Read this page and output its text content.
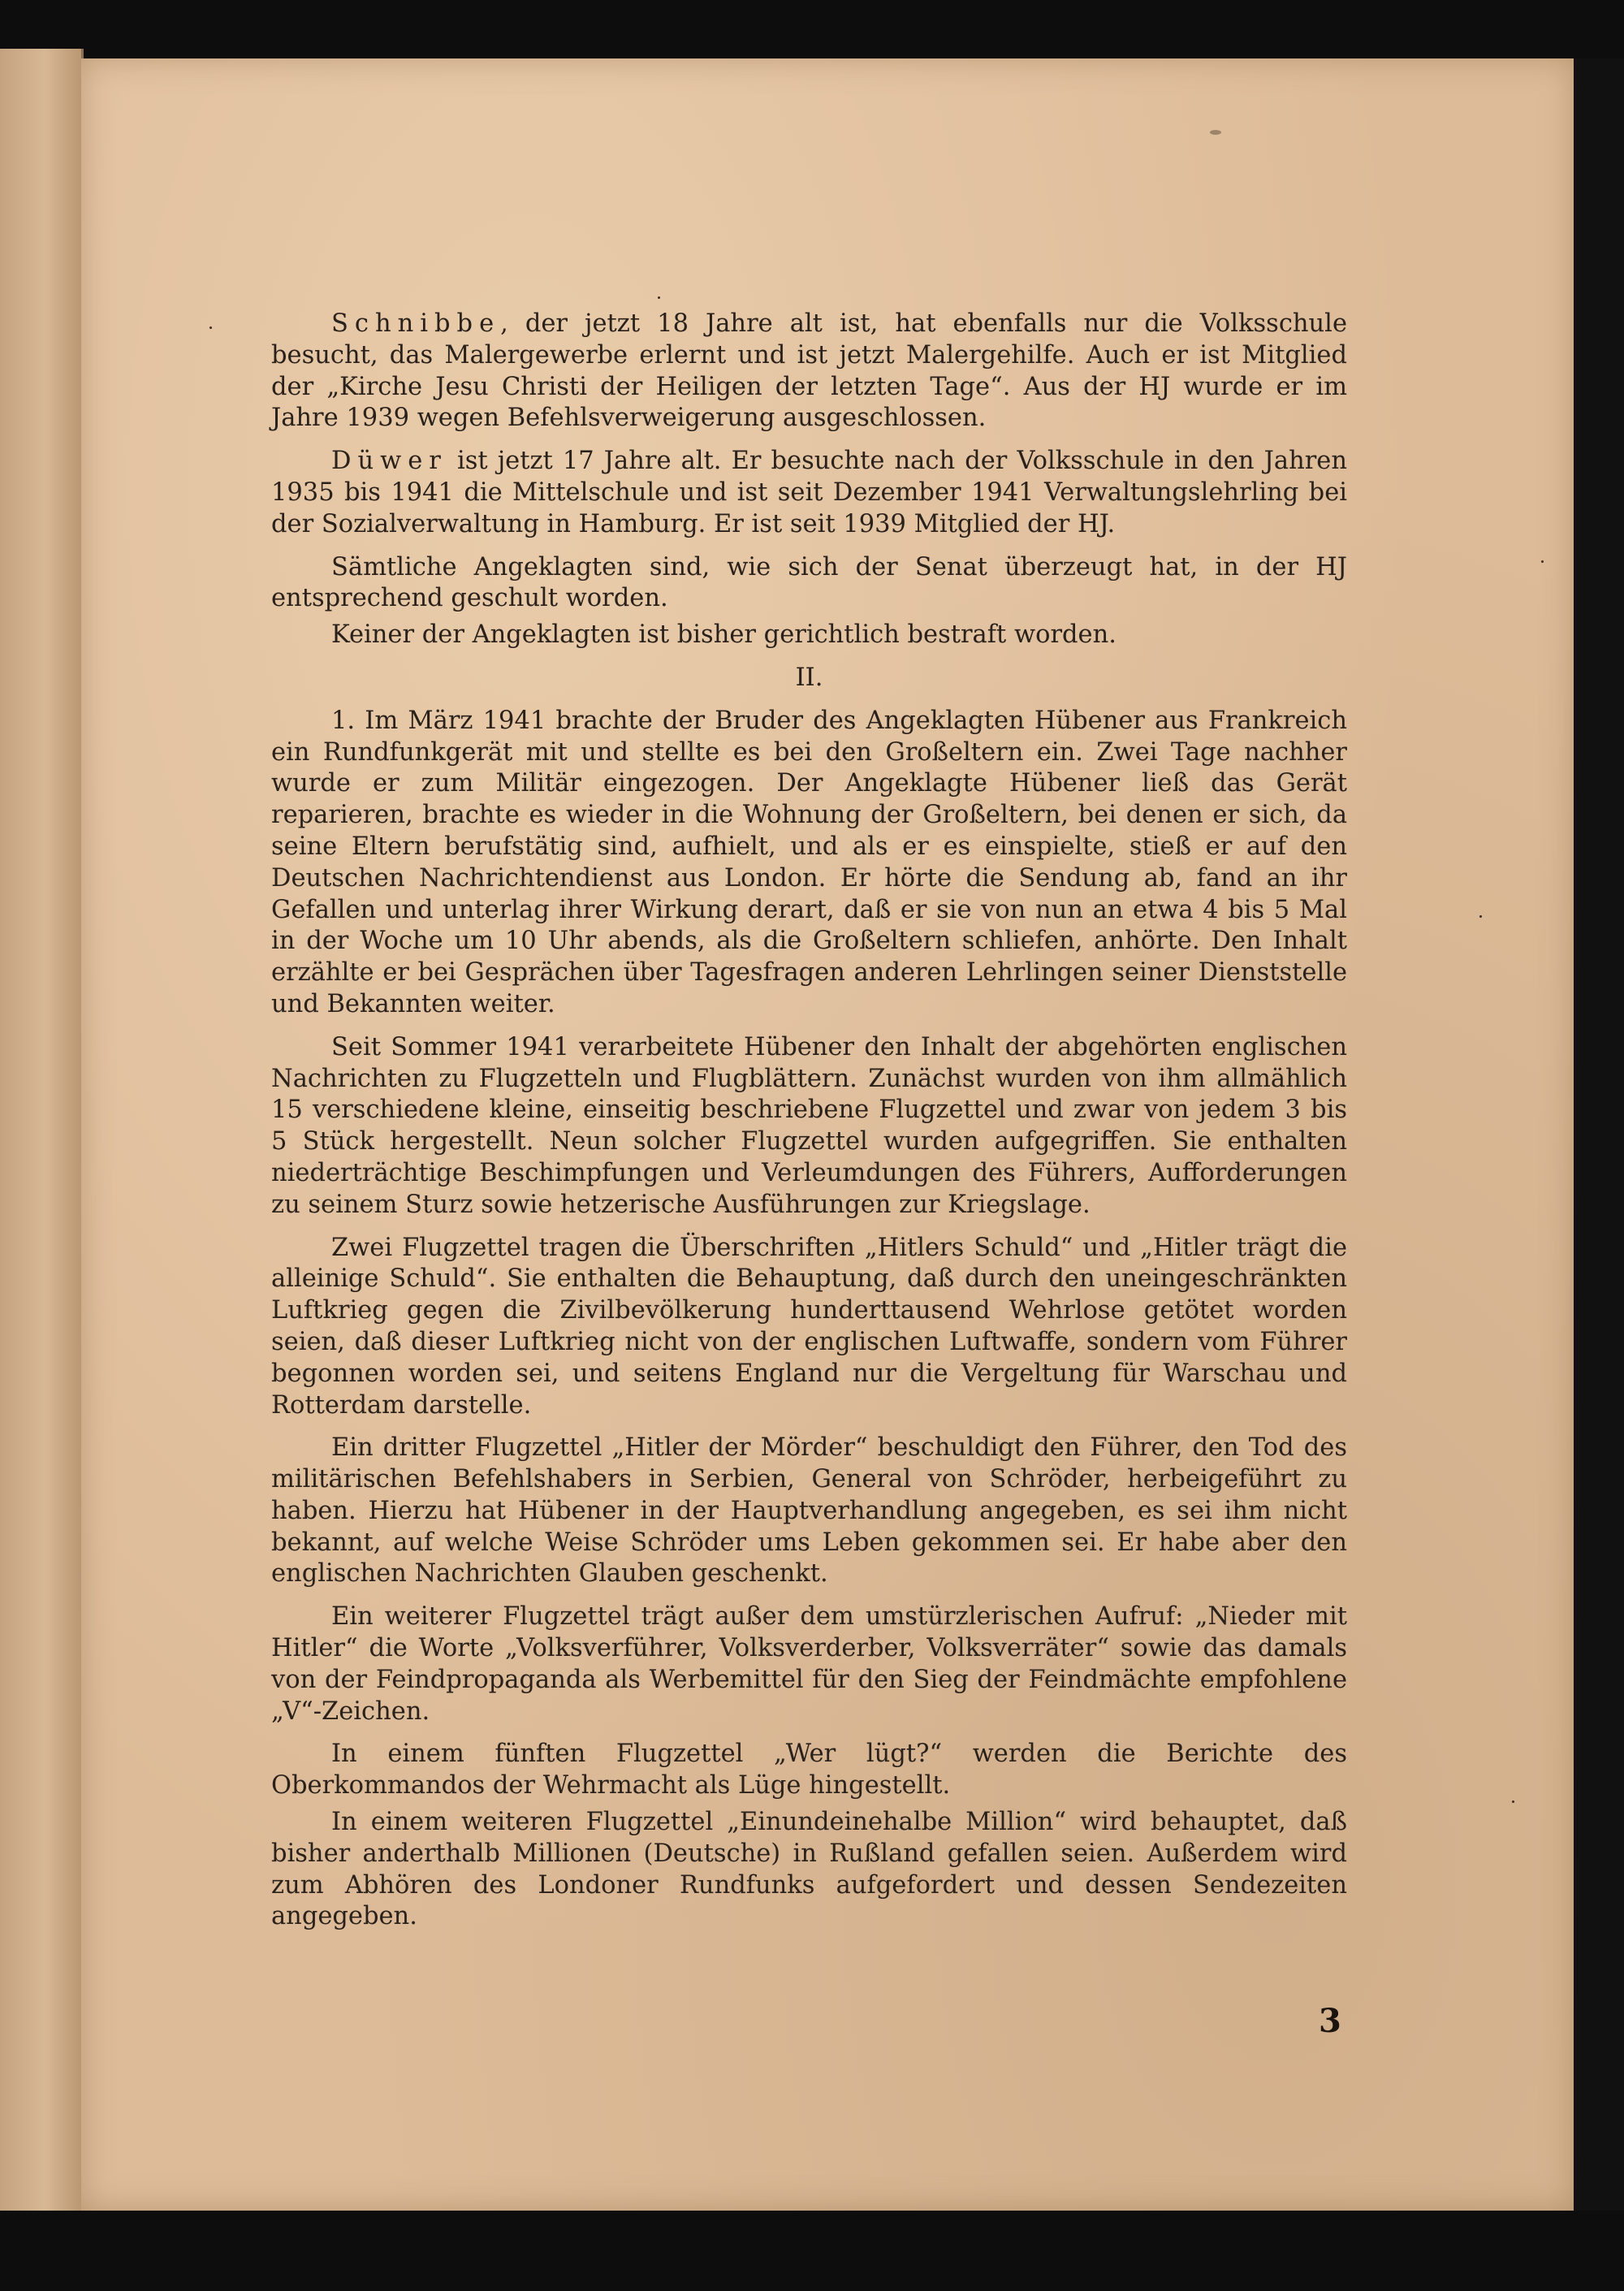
Schnibbe, der jetzt 18 Jahre alt ist, hat ebenfalls nur die Volksschule besucht, das Malergewerbe erlernt und ist jetzt Malergehilfe. Auch er ist Mitglied der „Kirche Jesu Christi der Heiligen der letzten Tage“. Aus der HJ wurde er im Jahre 1939 wegen Befehlsverweigerung ausgeschlossen.

Düwer ist jetzt 17 Jahre alt. Er besuchte nach der Volksschule in den Jahren 1935 bis 1941 die Mittelschule und ist seit Dezember 1941 Verwaltungslehrling bei der Sozialverwaltung in Hamburg. Er ist seit 1939 Mitglied der HJ.

Sämtliche Angeklagten sind, wie sich der Senat überzeugt hat, in der HJ entsprechend geschult worden.

Keiner der Angeklagten ist bisher gerichtlich bestraft worden.

II.

1. Im März 1941 brachte der Bruder des Angeklagten Hübener aus Frankreich ein Rundfunkgerät mit und stellte es bei den Großeltern ein. Zwei Tage nachher wurde er zum Militär eingezogen. Der Angeklagte Hübener ließ das Gerät reparieren, brachte es wieder in die Wohnung der Großeltern, bei denen er sich, da seine Eltern berufstätig sind, aufhielt, und als er es einspielte, stieß er auf den Deutschen Nachrichtendienst aus London. Er hörte die Sendung ab, fand an ihr Gefallen und unterlag ihrer Wirkung derart, daß er sie von nun an etwa 4 bis 5 Mal in der Woche um 10 Uhr abends, als die Großeltern schliefen, anhörte. Den Inhalt erzählte er bei Gesprächen über Tagesfragen anderen Lehrlingen seiner Dienststelle und Bekannten weiter.

Seit Sommer 1941 verarbeitete Hübener den Inhalt der abgehörten englischen Nachrichten zu Flugzetteln und Flugblättern. Zunächst wurden von ihm allmählich 15 verschiedene kleine, einseitig beschriebene Flugzettel und zwar von jedem 3 bis 5 Stück hergestellt. Neun solcher Flugzettel wurden aufgegriffen. Sie enthalten niederträchtige Beschimpfungen und Verleumdungen des Führers, Aufforderungen zu seinem Sturz sowie hetzerische Ausführungen zur Kriegslage.

Zwei Flugzettel tragen die Überschriften „Hitlers Schuld“ und „Hitler trägt die alleinige Schuld“. Sie enthalten die Behauptung, daß durch den uneingeschränkten Luftkrieg gegen die Zivilbevölkerung hunderttausend Wehrlose getötet worden seien, daß dieser Luftkrieg nicht von der englischen Luftwaffe, sondern vom Führer begonnen worden sei, und seitens England nur die Vergeltung für Warschau und Rotterdam darstelle.

Ein dritter Flugzettel „Hitler der Mörder“ beschuldigt den Führer, den Tod des militärischen Befehlshabers in Serbien, General von Schröder, herbeigeführt zu haben. Hierzu hat Hübener in der Hauptverhandlung angegeben, es sei ihm nicht bekannt, auf welche Weise Schröder ums Leben gekommen sei. Er habe aber den englischen Nachrichten Glauben geschenkt.

Ein weiterer Flugzettel trägt außer dem umstürzlerischen Aufruf: „Nieder mit Hitler“ die Worte „Volksverführer, Volksverderber, Volksverräter“ sowie das damals von der Feindpropaganda als Werbemittel für den Sieg der Feindmächte empfohlene „V“-Zeichen.

In einem fünften Flugzettel „Wer lügt?“ werden die Berichte des Oberkommandos der Wehrmacht als Lüge hingestellt.

In einem weiteren Flugzettel „Einundeinehalbe Million“ wird behauptet, daß bisher anderthalb Millionen (Deutsche) in Rußland gefallen seien. Außerdem wird zum Abhören des Londoner Rundfunks aufgefordert und dessen Sendezeiten angegeben.

3
